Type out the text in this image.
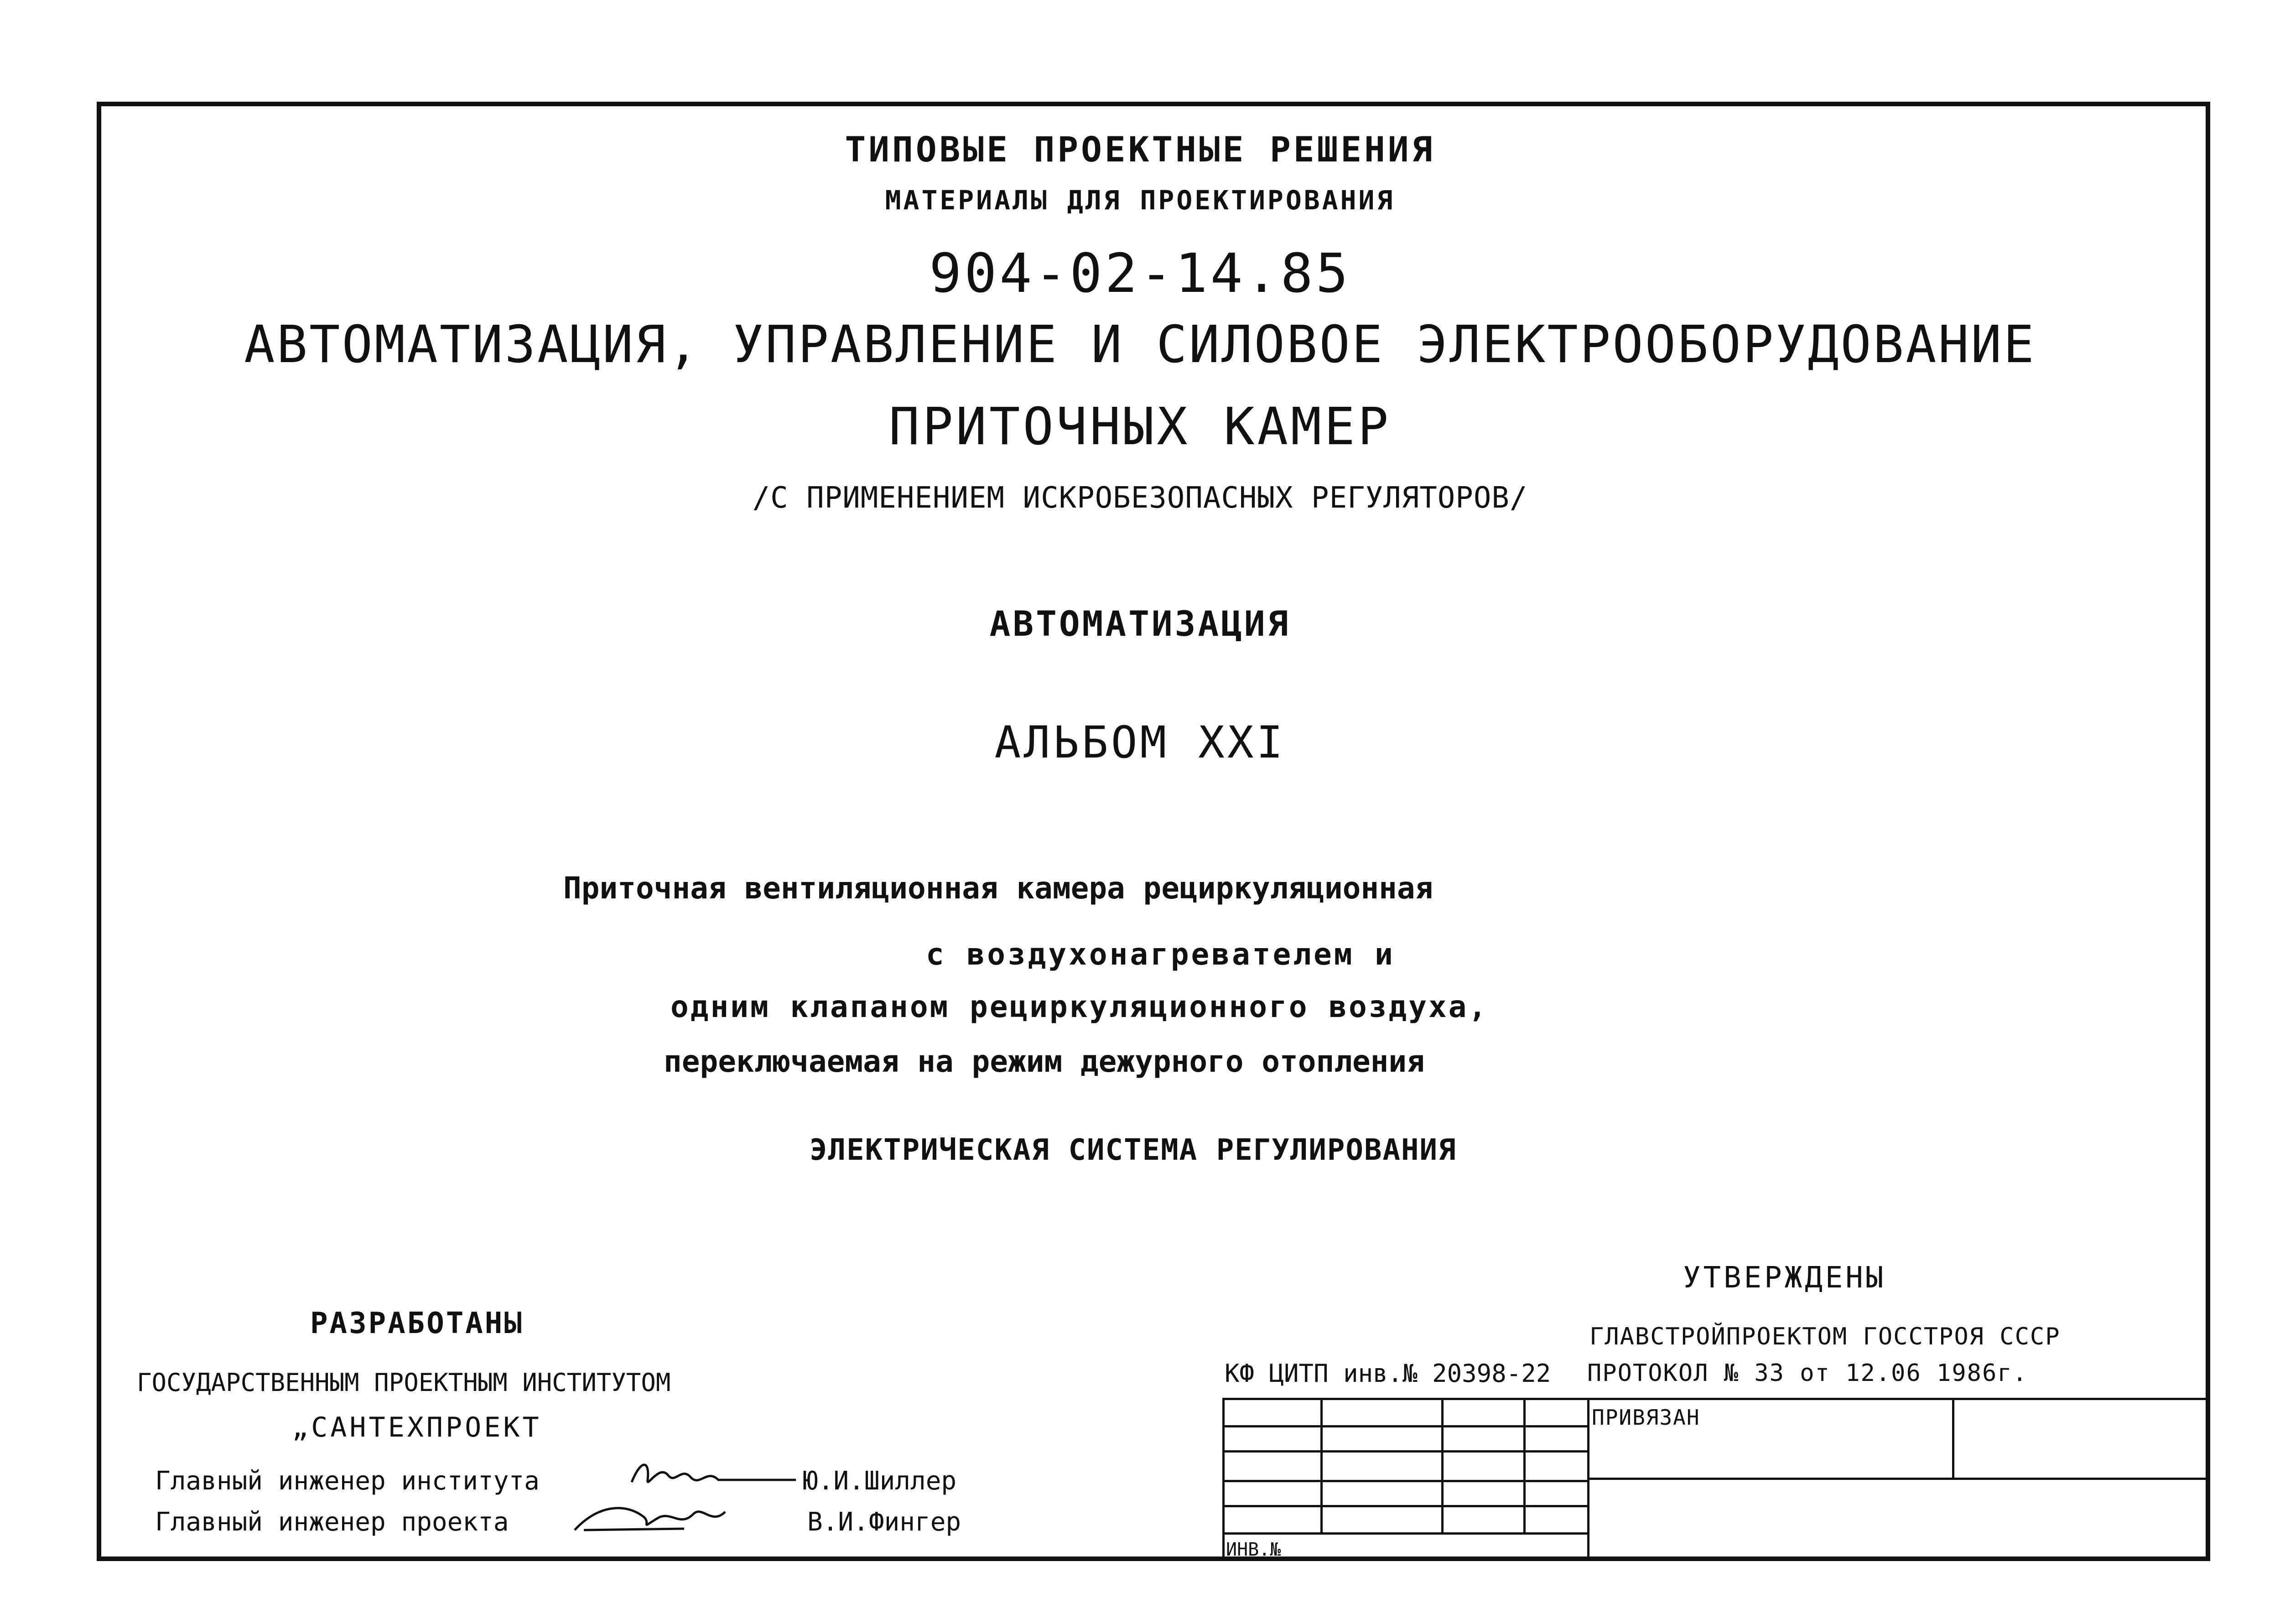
ТИПОВЫЕ ПРОЕКТНЫЕ РЕШЕНИЯ
МАТЕРИАЛЫ ДЛЯ ПРОЕКТИРОВАНИЯ
904-02-14.85
АВТОМАТИЗАЦИЯ, УПРАВЛЕНИЕ И СИЛОВОЕ ЭЛЕКТРООБОРУДОВАНИЕ
ПРИТОЧНЫХ КАМЕР
/С ПРИМЕНЕНИЕМ ИСКРОБЕЗОПАСНЫХ РЕГУЛЯТОРОВ/
АВТОМАТИЗАЦИЯ
АЛЬБОМ XXI
Приточная вентиляционная камера рециркуляционная
с воздухонагревателем и
одним клапаном рециркуляционного воздуха,
переключаемая на режим дежурного отопления
ЭЛЕКТРИЧЕСКАЯ СИСТЕМА РЕГУЛИРОВАНИЯ
РАЗРАБОТАНЫ
ГОСУДАРСТВЕННЫМ ПРОЕКТНЫМ ИНСТИТУТОМ
„САНТЕХПРОЕКТ
Главный инженер института	Ю.И.Шиллер
Главный инженер проекта	В.И.Фингер
УТВЕРЖДЕНЫ
ГЛАВСТРОЙПРОЕКТОМ ГОССТРОЯ СССР
ПРОТОКОЛ № 33 от 12.06 1986г.
КФ ЦИТП инв.№ 20398-22
ПРИВЯЗАН
ИНВ.№
